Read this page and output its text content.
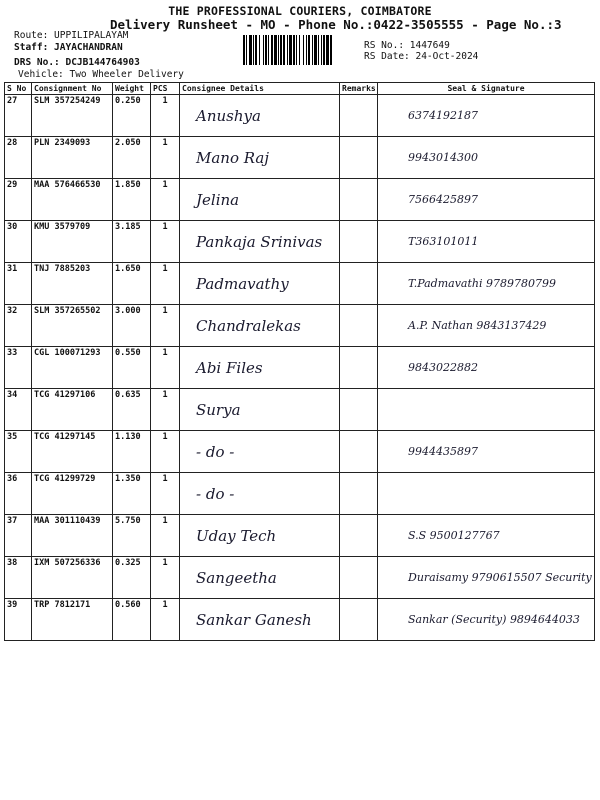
THE PROFESSIONAL COURIERS, COIMBATORE
Delivery Runsheet - MO - Phone No.:0422-3505555 - Page No.:3
Route: UPPILIPALAYAM
Staff: JAYACHANDRAN
DRS No.: DCJB144764903
Vehicle: Two Wheeler Delivery
RS No.: 1447649
RS Date: 24-Oct-2024
S No	Consignment No	Weight	PCS	Consignee Details	Remarks	Seal & Signature
27	SLM 357254249	0.250	1	Anushya		6374192187
28	PLN 2349093	2.050	1	Mano Raj		9943014300
29	MAA 576466530	1.850	1	Jelina		7566425897
30	KMU 3579709	3.185	1	Pankaja Srinivas		T363101011
31	TNJ 7885203	1.650	1	Padmavathy		T.Padmavathi 9789780799
32	SLM 357265502	3.000	1	Chandralekas		A.P. Nathan 9843137429
33	CGL 100071293	0.550	1	Abi Files		9843022882
34	TCG 41297106	0.635	1	Surya		
35	TCG 41297145	1.130	1	- do -		9944435897
36	TCG 41299729	1.350	1	- do -		
37	MAA 301110439	5.750	1	Uday Tech		S.S 9500127767
38	IXM 507256336	0.325	1	Sangeetha		Duraisamy 9790615507 Security
39	TRP 7812171	0.560	1	Sankar Ganesh		Sankar (Security) 9894644033
